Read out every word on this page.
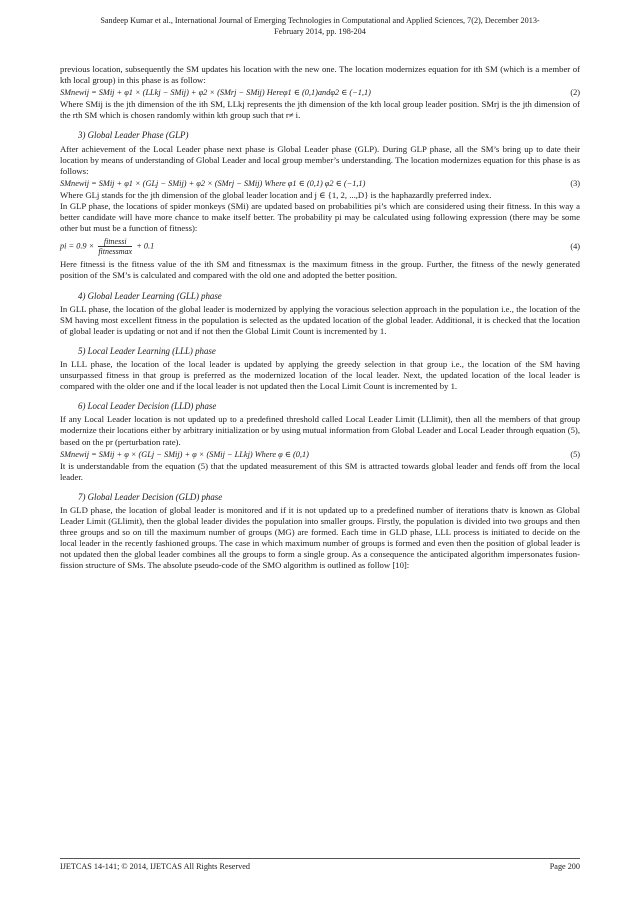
Sandeep Kumar et al., International Journal of Emerging Technologies in Computational and Applied Sciences, 7(2), December 2013-
February 2014, pp. 198-204

previous location, subsequently the SM updates his location with the new one. The location modernizes equation for ith SM (which is a member of kth local group) in this phase is as follow:

SMnewij = SMij + φ1 × (LLkj − SMij) + φ2 × (SMrj − SMij) Hereφ1 ∈ (0,1)andφ2 ∈ (−1,1)	(2)

Where SMij is the jth dimension of the ith SM, LLkj represents the jth dimension of the kth local group leader position. SMrj is the jth dimension of the rth SM which is chosen randomly within kth group such that r≠ i.

3) Global Leader Phase (GLP)

After achievement of the Local Leader phase next phase is Global Leader phase (GLP). During GLP phase, all the SM’s bring up to date their location by means of understanding of Global Leader and local group member’s understanding. The location modernizes equation for this phase is as follows:

SMnewij = SMij + φ1 × (GLj − SMij) + φ2 × (SMrj − SMij) Where φ1 ∈ (0,1) φ2 ∈ (−1,1)	(3)

Where GLj stands for the jth dimension of the global leader location and j ∈ {1, 2, ...,D} is the haphazardly preferred index.

In GLP phase, the locations of spider monkeys (SMi) are updated based on probabilities pi’s which are considered using their fitness. In this way a better candidate will have more chance to make itself better. The probability pi may be calculated using following expression (there may be some other but must be a function of fitness):

pi = $0.9 \times \frac{\text{fitnessi}}{\text{fitnessmax}} + 0.1$	(4)

Here fitnessi is the fitness value of the ith SM and fitnessmax is the maximum fitness in the group. Further, the fitness of the newly generated position of the SM’s is calculated and compared with the old one and adopted the better position.

4) Global Leader Learning (GLL) phase

In GLL phase, the location of the global leader is modernized by applying the voracious selection approach in the population i.e., the location of the SM having most excellent fitness in the population is selected as the updated location of the global leader. Additional, it is checked that the location of global leader is updating or not and if not then the Global Limit Count is incremented by 1.

5) Local Leader Learning (LLL) phase

In LLL phase, the location of the local leader is updated by applying the greedy selection in that group i.e., the location of the SM having unsurpassed fitness in that group is preferred as the modernized location of the local leader. Next, the updated location of the local leader is compared with the older one and if the local leader is not updated then the Local Limit Count is incremented by 1.

6) Local Leader Decision (LLD) phase

If any Local Leader location is not updated up to a predefined threshold called Local Leader Limit (LLlimit), then all the members of that group modernize their locations either by arbitrary initialization or by using mutual information from Global Leader and Local Leader through equation (5), based on the pr (perturbation rate).

SMnewij = SMij + φ × (GLj − SMij) + φ × (SMij − LLkj) Where φ ∈ (0,1)	(5)

It is understandable from the equation (5) that the updated measurement of this SM is attracted towards global leader and fends off from the local leader.

7) Global Leader Decision (GLD) phase

In GLD phase, the location of global leader is monitored and if it is not updated up to a predefined number of iterations thatv is known as Global Leader Limit (GLlimit), then the global leader divides the population into smaller groups. Firstly, the population is divided into two groups and then three groups and so on till the maximum number of groups (MG) are formed. Each time in GLD phase, LLL process is initiated to decide on the local leader in the recently fashioned groups. The case in which maximum number of groups is formed and even then the position of global leader is not updated then the global leader combines all the groups to form a single group. As a consequence the anticipated algorithm impersonates fusion-fission structure of SMs. The absolute pseudo-code of the SMO algorithm is outlined as follow [10]:

IJETCAS 14-141; © 2014, IJETCAS All Rights Reserved	Page 200
